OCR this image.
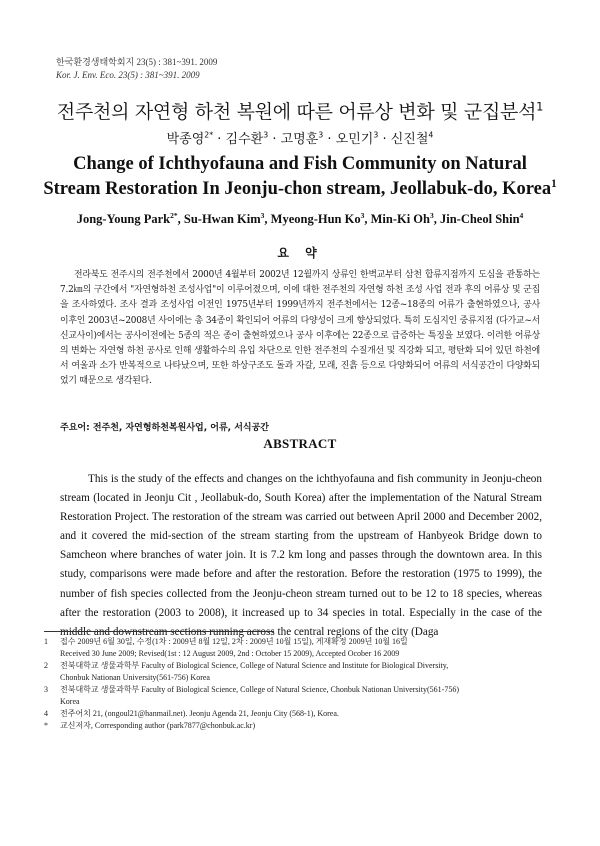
한국환경생태학회지 23(5) : 381~391. 2009
Kor. J. Env. Eco. 23(5) : 381~391. 2009
전주천의 자연형 하천 복원에 따른 어류상 변화 및 군집분석$^1$
박종영$^{2*}$ · 김수환$^3$ · 고명훈$^3$ · 오민기$^3$ · 신진철$^4$
Change of Ichthyofauna and Fish Community on Natural
Stream Restoration In Jeonju-chon stream, Jeollabuk-do, Korea$^1$
Jong-Young Park$^{2*}$, Su-Hwan Kim$^3$, Myeong-Hun Ko$^3$, Min-Ki Oh$^3$, Jin-Cheol Shin$^4$
요 약

전라북도 전주시의 전주천에서 2000년 4월부터 2002년 12월까지 상류인 한벽교부터 삼천 합류지점까지 도심을 관통하는 7.2㎞의 구간에서 "자연형하천 조성사업"이 이루어졌으며, 이에 대한 전주천의 자연형 하천 조성 사업 전과 후의 어류상 및 군집을 조사하였다. 조사 결과 조성사업 이전인 1975년부터 1999년까지 전주천에서는 12종~18종의 어류가 출현하였으나, 공사 이후인 2003년~2008년 사이에는 총 34종이 확인되어 어류의 다양성이 크게 향상되었다. 특히 도심지인 중류지점 (다가교~서신교사이)에서는 공사이전에는 5종의 적은 종이 출현하였으나 공사 이후에는 22종으로 급증하는 특징을 보였다. 이러한 어류상의 변화는 자연형 하천 공사로 인해 생활하수의 유입 차단으로 인한 전주천의 수질개선 및 직강화 되고, 평탄화 되어 있던 하천에서 여울과 소가 반복적으로 나타났으며, 또한 하상구조도 돌과 자갈, 모래, 진흙 등으로 다양화되어 어류의 서식공간이 다양화되었기 때문으로 생각된다.

주요어: 전주천, 자연형하천복원사업, 어류, 서식공간
ABSTRACT

This is the study of the effects and changes on the ichthyofauna and fish community in Jeonju-cheon stream (located in Jeonju Cit , Jeollabuk-do, South Korea) after the implementation of the Natural Stream Restoration Project. The restoration of the stream was carried out between April 2000 and December 2002, and it covered the mid-section of the stream starting from the upstream of Hanbyeok Bridge down to Samcheon where branches of water join. It is 7.2 km long and passes through the downtown area. In this study, comparisons were made before and after the restoration. Before the restoration (1975 to 1999), the number of fish species collected from the Jeonju-cheon stream turned out to be 12 to 18 species, whereas after the restoration (2003 to 2008), it increased up to 34 species in total. Especially in the case of the middle and downstream sections running across the central regions of the city (Daga

1	접수 2009년 6월 30일, 수정(1차 : 2009년 8월 12일, 2차 : 2009년 10월 15일), 게재확정 2009년 10월 16일
Received 30 June 2009; Revised(1st : 12 August 2009, 2nd : October 15 2009), Accepted Ocober 16 2009
2	전북대학교 생물과학부 Faculty of Biological Science, College of Natural Science and Institute for Biological Diversity,
Chonbuk Nationan University(561-756) Korea
3	전북대학교 생물과학부 Faculty of Biological Science, College of Natural Science, Chonbuk Nationan University(561-756)
Korea
4	전주어치 21, (ongoul21@hanmail.net). Jeonju Agenda 21, Jeonju City (568-1), Korea.
*	교신저자, Corresponding author (park7877@chonbuk.ac.kr)
